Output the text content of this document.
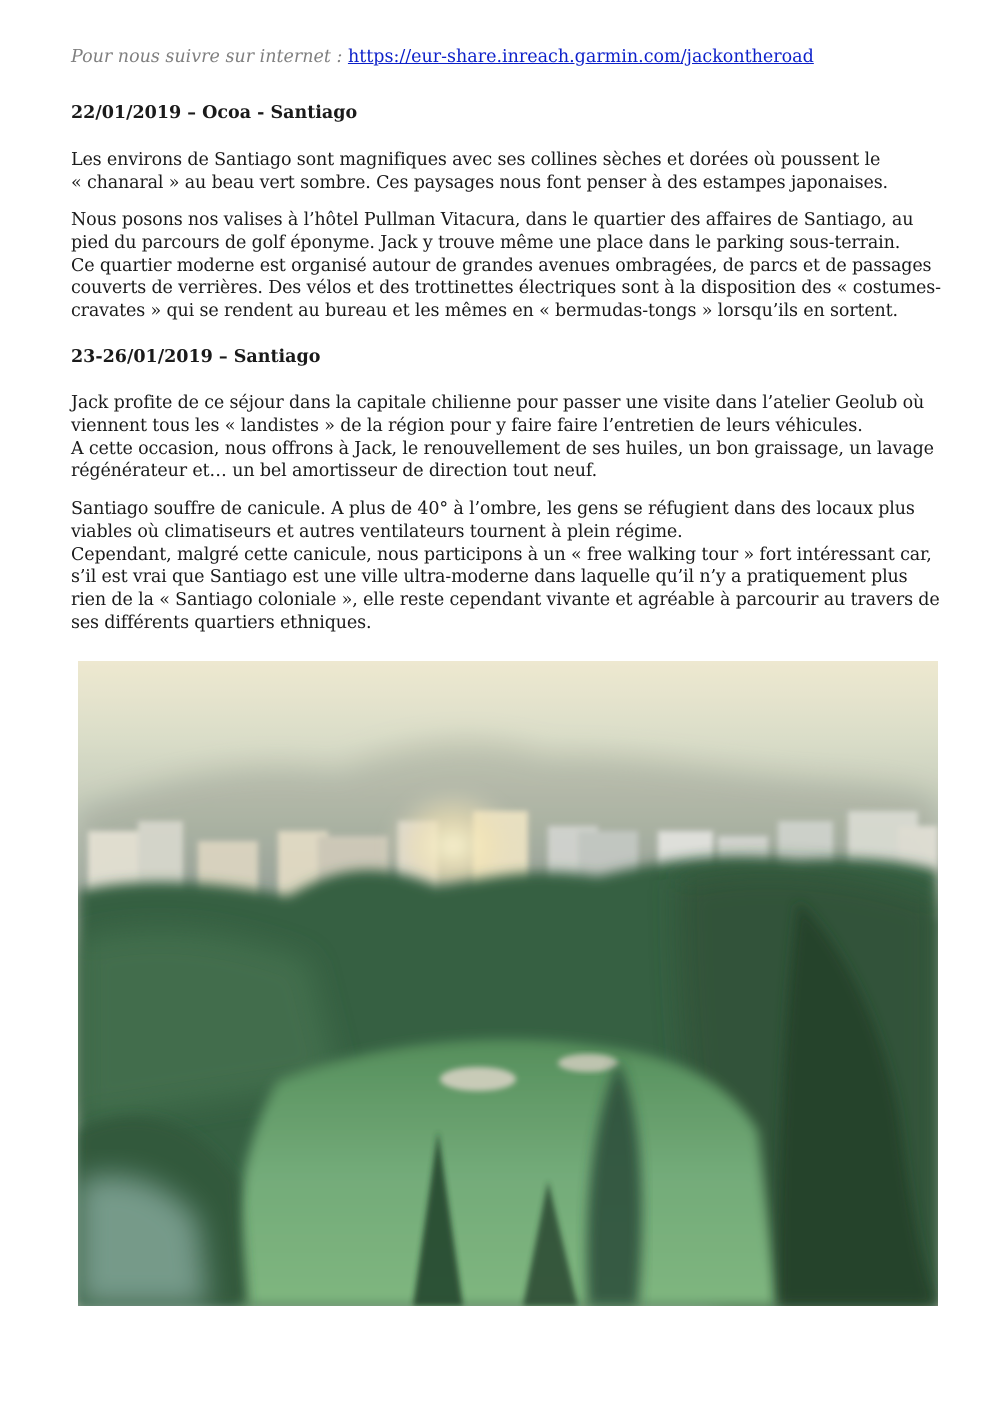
Pour nous suivre sur internet : https://eur-share.inreach.garmin.com/jackontheroad
22/01/2019 – Ocoa - Santiago

Les environs de Santiago sont magnifiques avec ses collines sèches et dorées où poussent le
« chanaral » au beau vert sombre. Ces paysages nous font penser à des estampes japonaises.

Nous posons nos valises à l’hôtel Pullman Vitacura, dans le quartier des affaires de Santiago, au
pied du parcours de golf éponyme. Jack y trouve même une place dans le parking sous-terrain.
Ce quartier moderne est organisé autour de grandes avenues ombragées, de parcs et de passages
couverts de verrières. Des vélos et des trottinettes électriques sont à la disposition des « costumes-
cravates » qui se rendent au bureau et les mêmes en « bermudas-tongs » lorsqu’ils en sortent.

23-26/01/2019 – Santiago

Jack profite de ce séjour dans la capitale chilienne pour passer une visite dans l’atelier Geolub où
viennent tous les « landistes » de la région pour y faire faire l’entretien de leurs véhicules.
A cette occasion, nous offrons à Jack, le renouvellement de ses huiles, un bon graissage, un lavage
régénérateur et… un bel amortisseur de direction tout neuf.

Santiago souffre de canicule. A plus de 40° à l’ombre, les gens se réfugient dans des locaux plus
viables où climatiseurs et autres ventilateurs tournent à plein régime.
Cependant, malgré cette canicule, nous participons à un « free walking tour » fort intéressant car,
s’il est vrai que Santiago est une ville ultra-moderne dans laquelle qu’il n’y a pratiquement plus
rien de la « Santiago coloniale », elle reste cependant vivante et agréable à parcourir au travers de
ses différents quartiers ethniques.
